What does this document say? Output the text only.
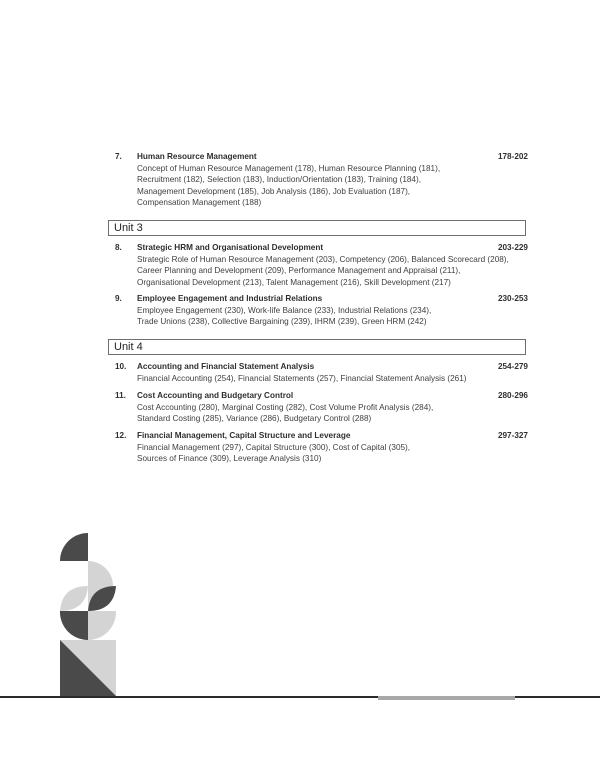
7.	Human Resource Management	178-202
Concept of Human Resource Management (178), Human Resource Planning (181),
Recruitment (182), Selection (183), Induction/Orientation (183), Training (184),
Management Development (185), Job Analysis (186), Job Evaluation (187),
Compensation Management (188)
Unit 3
8.	Strategic HRM and Organisational Development	203-229
Strategic Role of Human Resource Management (203), Competency (206), Balanced Scorecard (208),
Career Planning and Development (209), Performance Management and Appraisal (211),
Organisational Development (213), Talent Management (216), Skill Development (217)
9.	Employee Engagement and Industrial Relations	230-253
Employee Engagement (230), Work-life Balance (233), Industrial Relations (234),
Trade Unions (238), Collective Bargaining (239), IHRM (239), Green HRM (242)
Unit 4
10.	Accounting and Financial Statement Analysis	254-279
Financial Accounting (254), Financial Statements (257), Financial Statement Analysis (261)
11.	Cost Accounting and Budgetary Control	280-296
Cost Accounting (280), Marginal Costing (282), Cost Volume Profit Analysis (284),
Standard Costing (285), Variance (286), Budgetary Control (288)
12.	Financial Management, Capital Structure and Leverage	297-327
Financial Management (297), Capital Structure (300), Cost of Capital (305),
Sources of Finance (309), Leverage Analysis (310)
